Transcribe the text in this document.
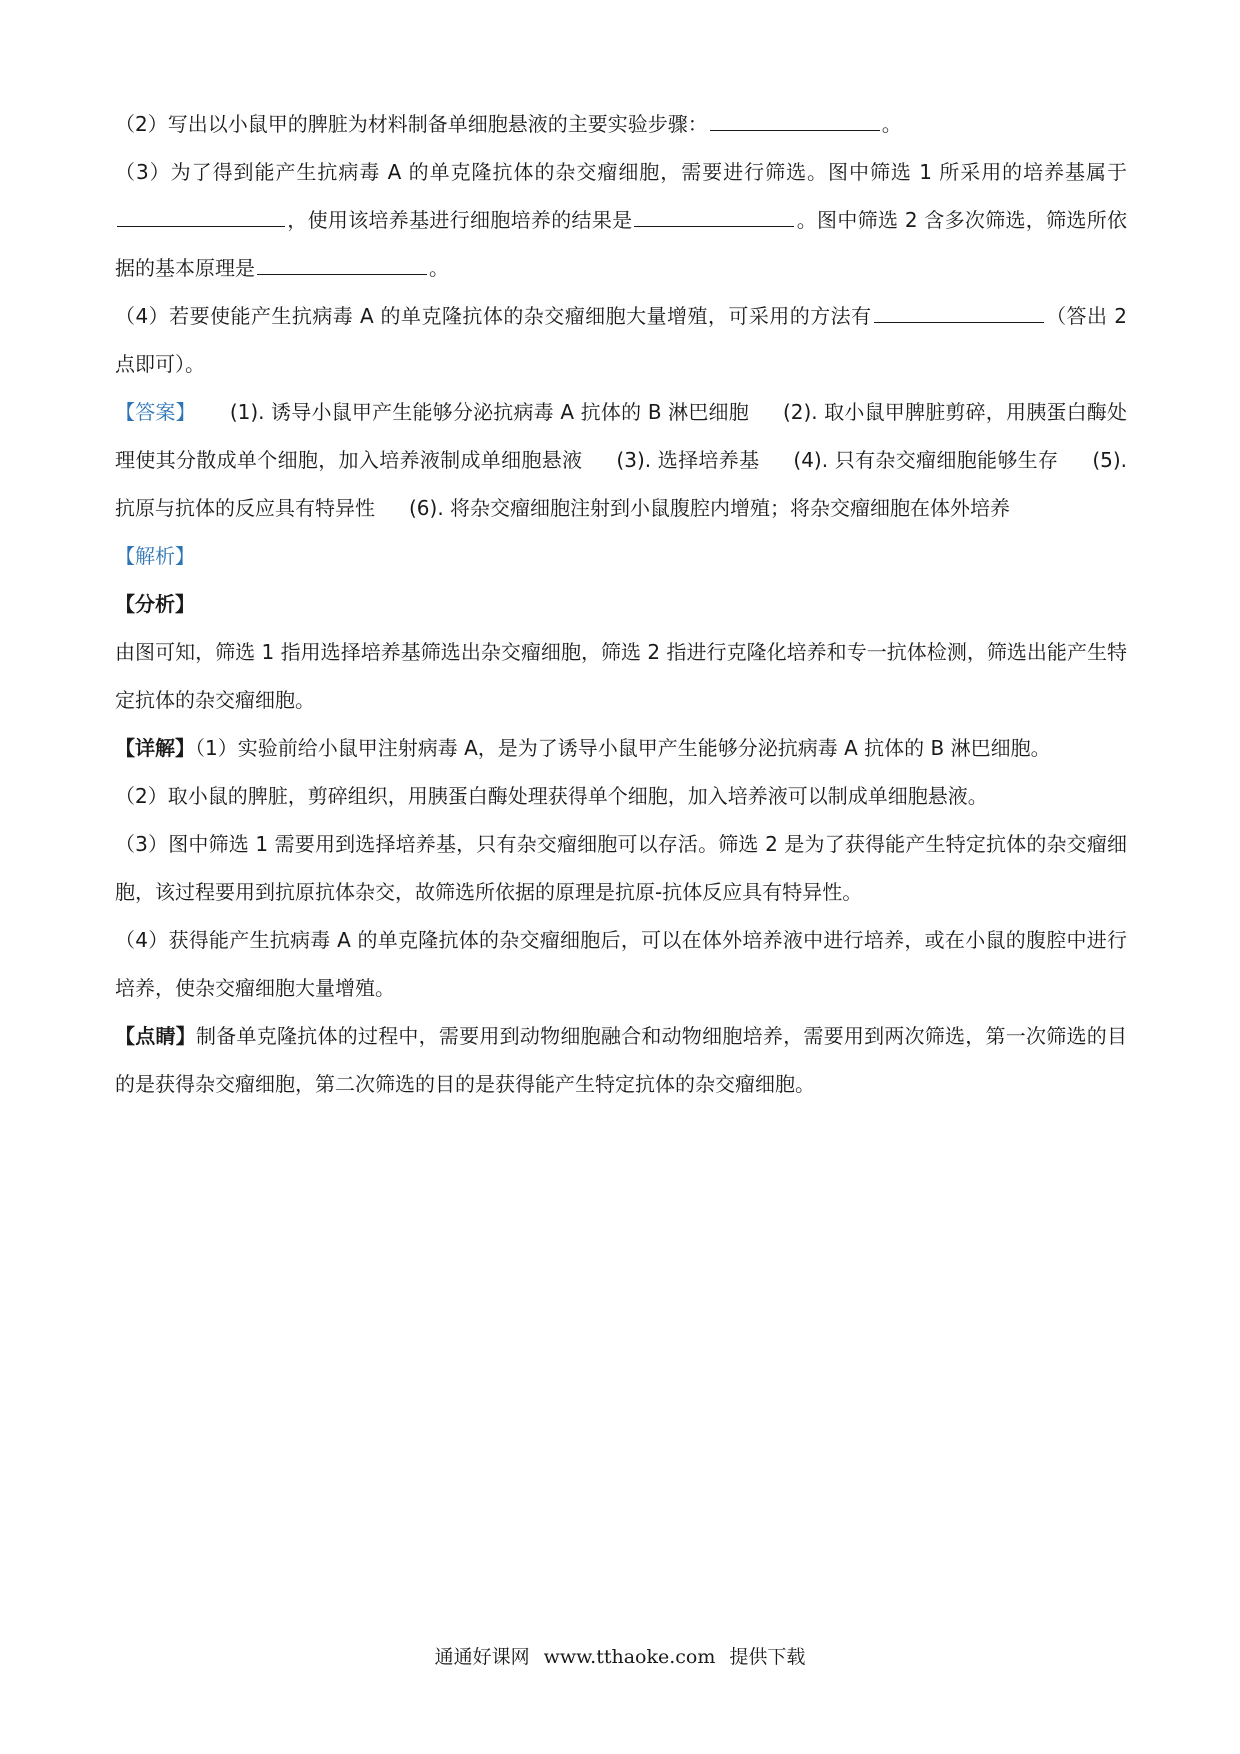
（2）写出以小鼠甲的脾脏为材料制备单细胞悬液的主要实验步骤：	。

（3）为了得到能产生抗病毒 A 的单克隆抗体的杂交瘤细胞，需要进行筛选。图中筛选 1 所采用的培养基属于，使用该培养基进行细胞培养的结果是	。图中筛选 2 含多次筛选，筛选所依据的基本原理是	。

（4）若要使能产生抗病毒 A 的单克隆抗体的杂交瘤细胞大量增殖，可采用的方法有	（答出 2 点即可）。

【答案】 (1). 诱导小鼠甲产生能够分泌抗病毒 A 抗体的 B 淋巴细胞 (2). 取小鼠甲脾脏剪碎，用胰蛋白酶处理使其分散成单个细胞，加入培养液制成单细胞悬液 (3). 选择培养基 (4). 只有杂交瘤细胞能够生存 (5). 抗原与抗体的反应具有特异性 (6). 将杂交瘤细胞注射到小鼠腹腔内增殖；将杂交瘤细胞在体外培养

【解析】

【分析】

由图可知，筛选 1 指用选择培养基筛选出杂交瘤细胞，筛选 2 指进行克隆化培养和专一抗体检测，筛选出能产生特定抗体的杂交瘤细胞。

【详解】（1）实验前给小鼠甲注射病毒 A，是为了诱导小鼠甲产生能够分泌抗病毒 A 抗体的 B 淋巴细胞。

（2）取小鼠的脾脏，剪碎组织，用胰蛋白酶处理获得单个细胞，加入培养液可以制成单细胞悬液。

（3）图中筛选 1 需要用到选择培养基，只有杂交瘤细胞可以存活。筛选 2 是为了获得能产生特定抗体的杂交瘤细胞，该过程要用到抗原抗体杂交，故筛选所依据的原理是抗原-抗体反应具有特异性。

（4）获得能产生抗病毒 A 的单克隆抗体的杂交瘤细胞后，可以在体外培养液中进行培养，或在小鼠的腹腔中进行培养，使杂交瘤细胞大量增殖。

【点睛】制备单克隆抗体的过程中，需要用到动物细胞融合和动物细胞培养，需要用到两次筛选，第一次筛选的目的是获得杂交瘤细胞，第二次筛选的目的是获得能产生特定抗体的杂交瘤细胞。

通通好课网 www.tthaoke.com 提供下载
